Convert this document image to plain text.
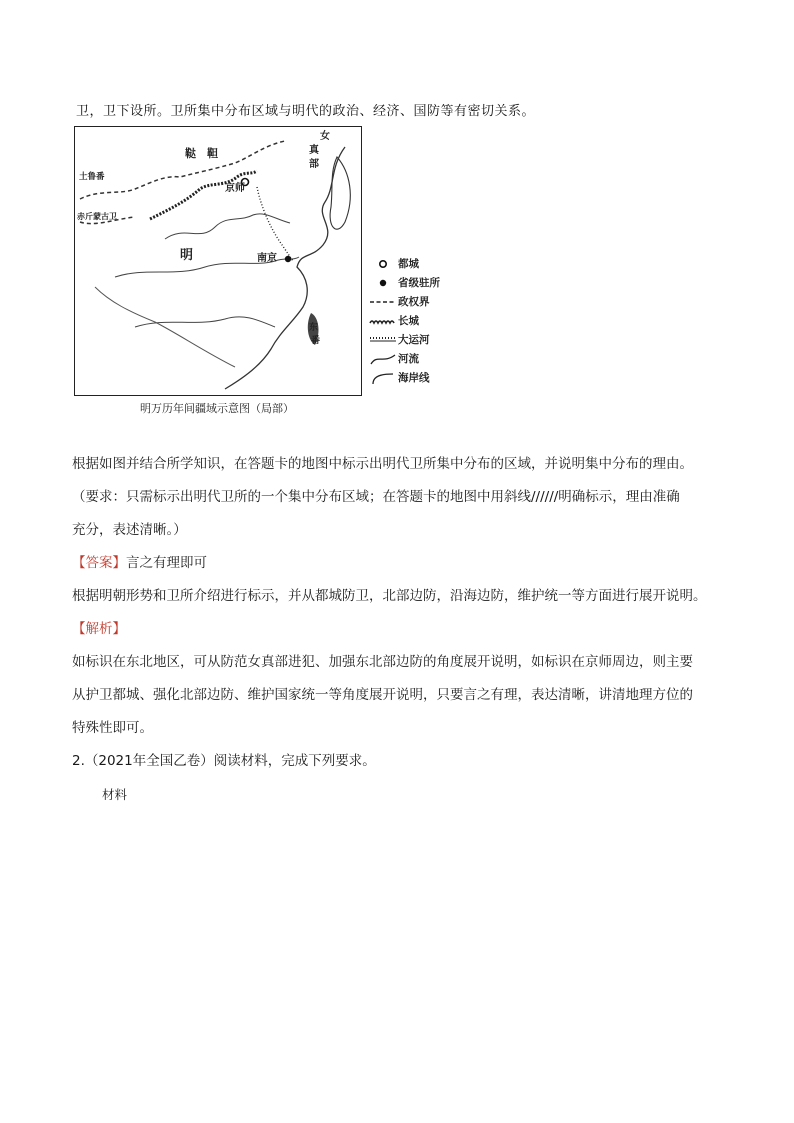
卫，卫下设所。卫所集中分布区域与明代的政治、经济、国防等有密切关系。
鞑　靼
土鲁番
赤斤蒙古卫
女
真
部
京师
明	南京
东
番
都城
省级驻所
政权界
长城
大运河
河流
海岸线
明万历年间疆域示意图（局部）
根据如图并结合所学知识，在答题卡的地图中标示出明代卫所集中分布的区域，并说明集中分布的理由。
（要求：只需标示出明代卫所的一个集中分布区域；在答题卡的地图中用斜线//////明确标示，理由准确
充分，表述清晰。）
【答案】言之有理即可
根据明朝形势和卫所介绍进行标示，并从都城防卫，北部边防，沿海边防，维护统一等方面进行展开说明。
【解析】
如标识在东北地区，可从防范女真部进犯、加强东北部边防的角度展开说明，如标识在京师周边，则主要
从护卫都城、强化北部边防、维护国家统一等角度展开说明，只要言之有理，表达清晰，讲清地理方位的
特殊性即可。
2.（2021年全国乙卷）阅读材料，完成下列要求。
材料
